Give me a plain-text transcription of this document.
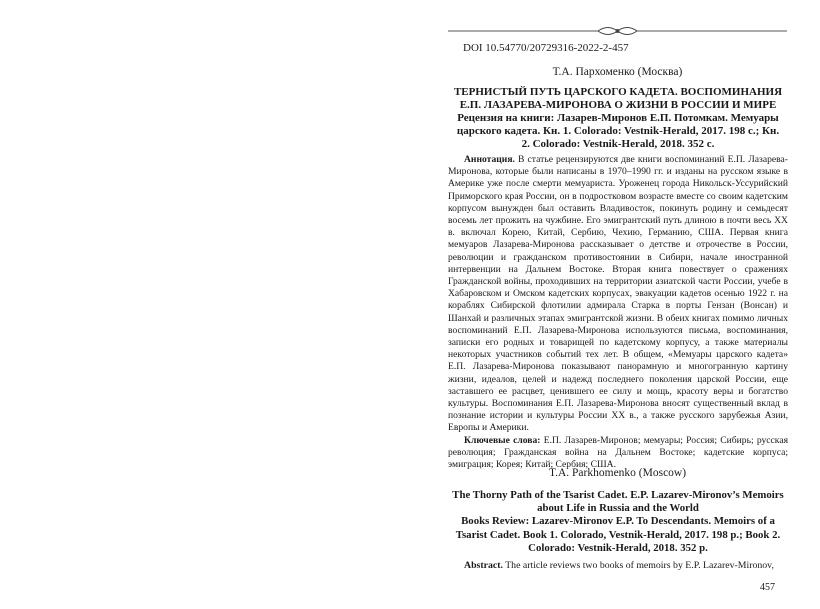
DOI 10.54770/20729316-2022-2-457
Т.А. Пархоменко (Москва)
ТЕРНИСТЫЙ ПУТЬ ЦАРСКОГО КАДЕТА. ВОСПОМИНАНИЯ
Е.П. ЛАЗАРЕВА-МИРОНОВА О ЖИЗНИ В РОССИИ И МИРЕ
Рецензия на книги: Лазарев-Миронов Е.П. Потомкам. Мемуары царского кадета. Кн. 1. Colorado: Vestnik-Herald, 2017. 198 с.; Кн. 2. Colorado: Vestnik-Herald, 2018. 352 с.

Аннотация. В статье рецензируются две книги воспоминаний Е.П. Лазарева-Миронова, которые были написаны в 1970–1990 гг. и изданы на русском языке в Америке уже после смерти мемуариста. Уроженец города Никольск-Уссурийский Приморского края России, он в подростковом возрасте вместе со своим кадетским корпусом вынужден был оставить Владивосток, покинуть родину и семьдесят восемь лет прожить на чужбине. Его эмигрантский путь длиною в почти весь XX в. включал Корею, Китай, Сербию, Чехию, Германию, США. Первая книга мемуаров Лазарева-Миронова рассказывает о детстве и отрочестве в России, революции и гражданском противостоянии в Сибири, начале иностранной интервенции на Дальнем Востоке. Вторая книга повествует о сражениях Гражданской войны, проходивших на территории азиатской части России, учебе в Хабаровском и Омском кадетских корпусах, эвакуации кадетов осенью 1922 г. на кораблях Сибирской флотилии адмирала Старка в порты Гензан (Вонсан) и Шанхай и различных этапах эмигрантской жизни. В обеих книгах помимо личных воспоминаний Е.П. Лазарева-Миронова используются письма, воспоминания, записки его родных и товарищей по кадетскому корпусу, а также материалы некоторых участников событий тех лет. В общем, «Мемуары царского кадета» Е.П. Лазарева-Миронова показывают панорамную и многогранную картину жизни, идеалов, целей и надежд последнего поколения царской России, еще заставшего ее расцвет, ценившего ее силу и мощь, красоту веры и богатство культуры. Воспоминания Е.П. Лазарева-Миронова вносят существенный вклад в познание истории и культуры России XX в., а также русского зарубежья Азии, Европы и Америки.

Ключевые слова: Е.П. Лазарев-Миронов; мемуары; Россия; Сибирь; русская революция; Гражданская война на Дальнем Востоке; кадетские корпуса; эмиграция; Корея; Китай; Сербия; США.

T.A. Parkhomenko (Moscow)
The Thorny Path of the Tsarist Cadet. E.P. Lazarev-Mironov’s Memoirs
about Life in Russia and the World
Books Review: Lazarev-Mironov E.P. To Descendants. Memoirs of a
Tsarist Cadet. Book 1. Colorado, Vestnik-Herald, 2017. 198 p.; Book 2.
Colorado: Vestnik-Herald, 2018. 352 p.

Abstract. The article reviews two books of memoirs by E.P. Lazarev-Mironov,

457
